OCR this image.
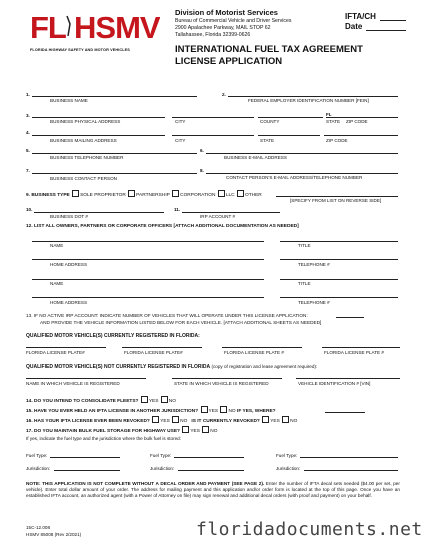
FL HSMV
FLORIDA HIGHWAY SAFETY AND MOTOR VEHICLES
Division of Motorist Services
Bureau of Commercial Vehicle and Driver Services
2900 Apalachee Parkway, MAIL STOP 62
Tallahassee, Florida 32399-0626
IFTA/CH
Date
INTERNATIONAL FUEL TAX AGREEMENT
LICENSE APPLICATION
1.
BUSINESS NAME
2.
FEDERAL EMPLOYER IDENTIFICATION NUMBER [FEIN]
3.	FL
BUSINESS PHYSICAL ADDRESS	CITY	COUNTY	STATE ZIP CODE
4.
BUSINESS MAILING ADDRESS	CITY	STATE	ZIP CODE
5.
BUSINESS TELEPHONE NUMBER
6.
BUSINESS E-MAIL ADDRESS
7.
BUSINESS CONTACT PERSON
8.
CONTACT PERSON'S E-MAIL ADDRESS/TELEPHONE NUMBER
9. BUSINESS TYPE SOLE PROPRIETOR PARTNERSHIP CORPORATION LLC OTHER
[SPECIFY FROM LIST ON REVERSE SIDE]
10.
BUSINESS DOT #
11.
IRP ACCOUNT #
12. LIST ALL OWNERS, PARTNERS OR CORPORATE OFFICERS [ATTACH ADDITIONAL DOCUMENTATION AS NEEDED]
NAME	TITLE
HOME ADDRESS	TELEPHONE #
NAME	TITLE
HOME ADDRESS	TELEPHONE #
13. IF NO ACTIVE IRP ACCOUNT: INDICATE NUMBER OF VEHICLES THAT WILL OPERATE UNDER THIS LICENSE APPLICATION:
AND PROVIDE THE VEHICLE INFORMATION LISTED BELOW FOR EACH VEHICLE. [ATTACH ADDITIONAL SHEETS AS NEEDED]
QUALIFIED MOTOR VEHICLE(S) CURRENTLY REGISTERED IN FLORIDA:
FLORIDA LICENSE PLATE#	FLORIDA LICENSE PLATE#	FLORIDA LICENSE PLATE #	FLORIDA LICENSE PLATE #
QUALIFIED MOTOR VEHICLE(S) NOT CURRENTLY REGISTERED IN FLORIDA (copy of registration and lease agreement required):
NAME IN WHICH VEHICLE IS REGISTERED	STATE IN WHICH VEHICLE IS REGISTERED	VEHICLE IDENTIFICATION # [VIN]
14. DO YOU INTEND TO CONSOLIDATE FLEETS? YES NO
15. HAVE YOU EVER HELD AN IFTA LICENSE IN ANOTHER JURISDICTION? YES NO IF YES, WHERE?
16. HAS YOUR IFTA LICENSE EVER BEEN REVOKED? YES NO IS IT CURRENTLY REVOKED? YES NO
17. DO YOU MAINTAIN BULK FUEL STORAGE FOR HIGHWAY USE? YES NO
If yes, indicate the fuel type and the jurisdiction where the bulk fuel is stored:
Fuel Type:	Fuel Type:	Fuel Type:
Jurisdiction:	Jurisdiction:	Jurisdiction:
NOTE: THIS APPLICATION IS NOT COMPLETE WITHOUT A DECAL ORDER AND PAYMENT (SEE PAGE 2). Enter the number of IFTA decal sets needed ($4.00 per set, per vehicle). Enter total dollar amount of your order. The address for mailing payment and this application and/or order form is located at the top of this page. Once you have an established IFTA account, an authorized agent (with a Power of Attorney on file) may sign renewal and additional decal orders (with proof and payment) on your behalf.
15C-12.008
HSMV 85008 (Rev 2/2021)	floridadocuments.net
